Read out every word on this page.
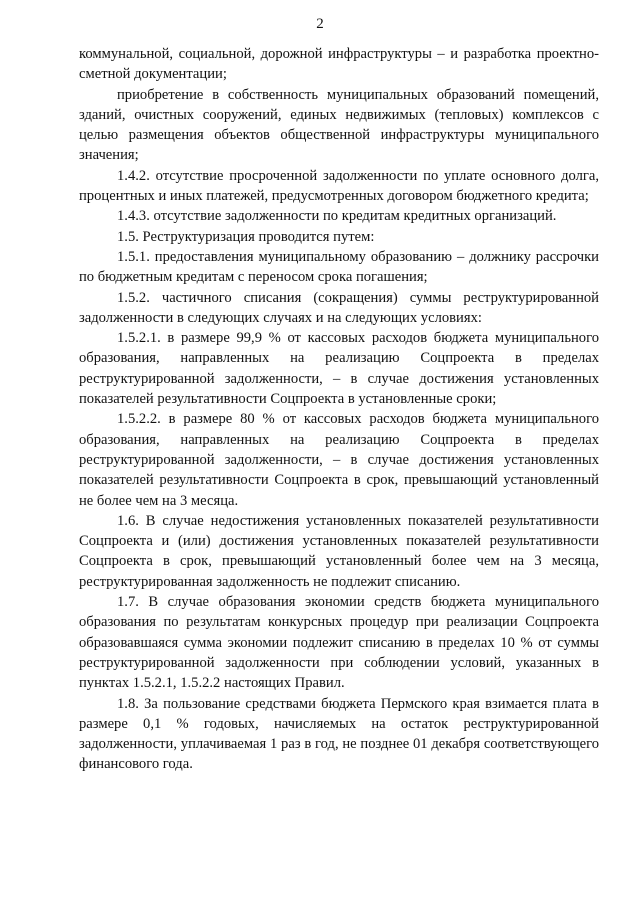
2

коммунальной, социальной, дорожной инфраструктуры – и разработка проектно-сметной документации;

приобретение в собственность муниципальных образований помещений, зданий, очистных сооружений, единых недвижимых (тепловых) комплексов с целью размещения объектов общественной инфраструктуры муниципального значения;

1.4.2. отсутствие просроченной задолженности по уплате основного долга, процентных и иных платежей, предусмотренных договором бюджетного кредита;

1.4.3. отсутствие задолженности по кредитам кредитных организаций.

1.5. Реструктуризация проводится путем:

1.5.1. предоставления муниципальному образованию – должнику рассрочки по бюджетным кредитам с переносом срока погашения;

1.5.2. частичного списания (сокращения) суммы реструктурированной задолженности в следующих случаях и на следующих условиях:

1.5.2.1. в размере 99,9 % от кассовых расходов бюджета муниципального образования, направленных на реализацию Соцпроекта в пределах реструктурированной задолженности, – в случае достижения установленных показателей результативности Соцпроекта в установленные сроки;

1.5.2.2. в размере 80 % от кассовых расходов бюджета муниципального образования, направленных на реализацию Соцпроекта в пределах реструктурированной задолженности, – в случае достижения установленных показателей результативности Соцпроекта в срок, превышающий установленный не более чем на 3 месяца.

1.6. В случае недостижения установленных показателей результативности Соцпроекта и (или) достижения установленных показателей результативности Соцпроекта в срок, превышающий установленный более чем на 3 месяца, реструктурированная задолженность не подлежит списанию.

1.7. В случае образования экономии средств бюджета муниципального образования по результатам конкурсных процедур при реализации Соцпроекта образовавшаяся сумма экономии подлежит списанию в пределах 10 % от суммы реструктурированной задолженности при соблюдении условий, указанных в пунктах 1.5.2.1, 1.5.2.2 настоящих Правил.

1.8. За пользование средствами бюджета Пермского края взимается плата в размере 0,1 % годовых, начисляемых на остаток реструктурированной задолженности, уплачиваемая 1 раз в год, не позднее 01 декабря соответствующего финансового года.
